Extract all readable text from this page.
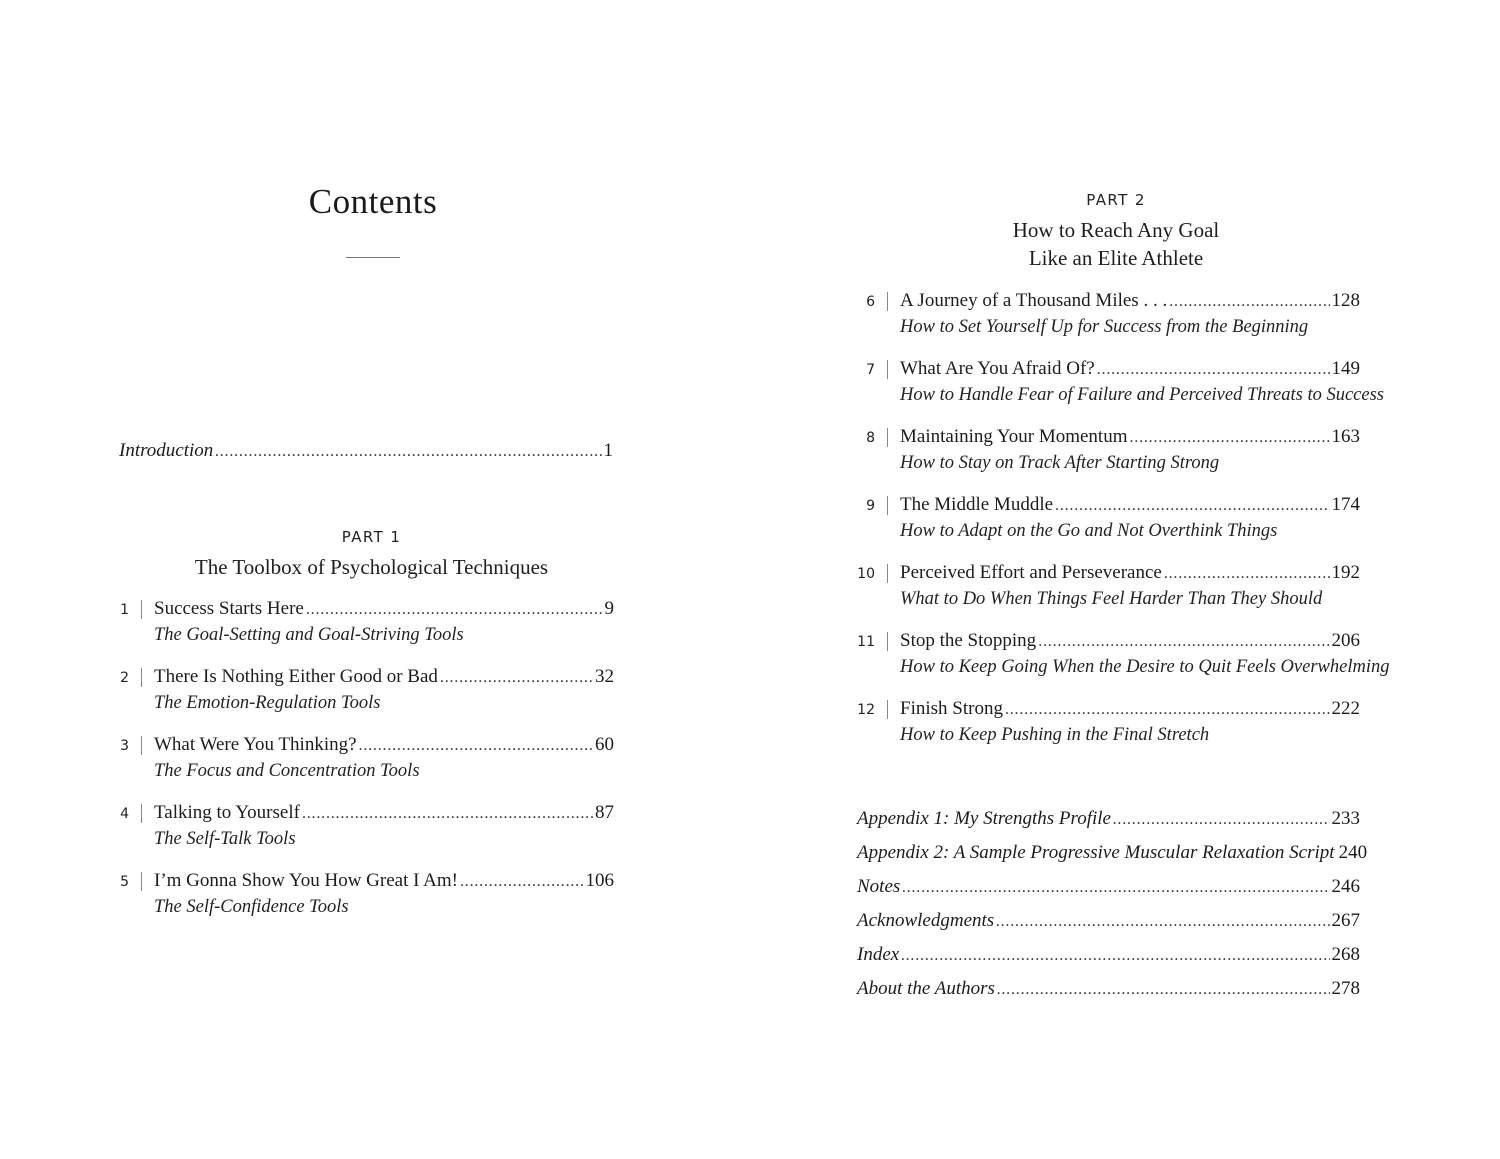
Contents
Introduction . . .	1
PART 1
The Toolbox of Psychological Techniques
1 Success Starts Here . . .	9
The Goal-Setting and Goal-Striving Tools
2 There Is Nothing Either Good or Bad . . .	32
The Emotion-Regulation Tools
3 What Were You Thinking? . . .	60
The Focus and Concentration Tools
4 Talking to Yourself . . .	87
The Self-Talk Tools
5 I’m Gonna Show You How Great I Am! . . .	106
The Self-Confidence Tools
PART 2
How to Reach Any Goal
Like an Elite Athlete
6 A Journey of a Thousand Miles . . . . . .	128
How to Set Yourself Up for Success from the Beginning
7 What Are You Afraid Of? . . .	149
How to Handle Fear of Failure and Perceived Threats to Success
8 Maintaining Your Momentum . . .	163
How to Stay on Track After Starting Strong
9 The Middle Muddle . . .	174
How to Adapt on the Go and Not Overthink Things
10 Perceived Effort and Perseverance . . .	192
What to Do When Things Feel Harder Than They Should
11 Stop the Stopping . . .	206
How to Keep Going When the Desire to Quit Feels Overwhelming
12 Finish Strong . . .	222
How to Keep Pushing in the Final Stretch
Appendix 1: My Strengths Profile . . .	233
Appendix 2: A Sample Progressive Muscular Relaxation Script 240
Notes . . .	246
Acknowledgments . . .	267
Index . . .	268
About the Authors . . .	278
